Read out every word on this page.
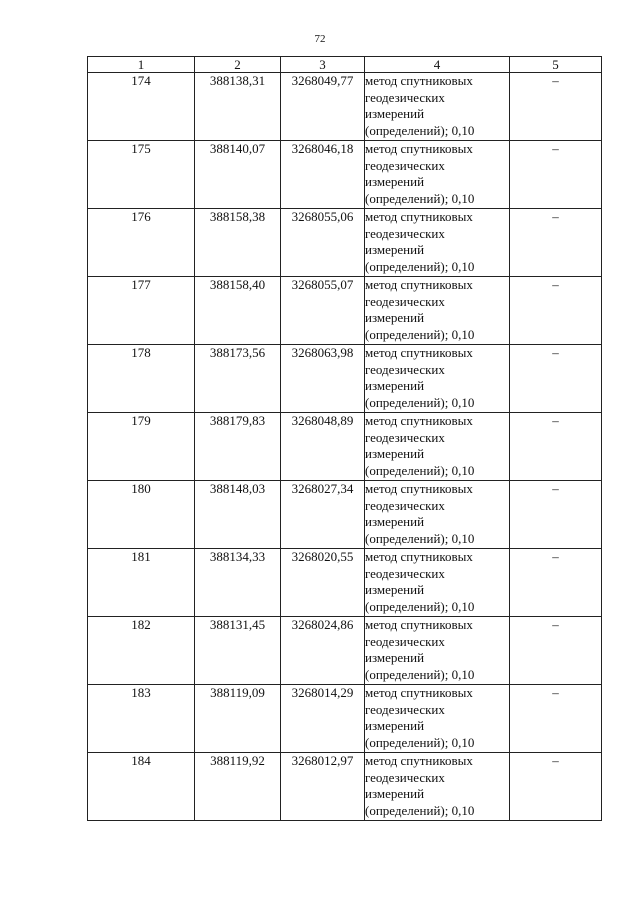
72
1	2	3	4	5
174	388138,31	3268049,77	метод спутниковых
геодезических
измерений
(определений); 0,10	–
175	388140,07	3268046,18	метод спутниковых
геодезических
измерений
(определений); 0,10	–
176	388158,38	3268055,06	метод спутниковых
геодезических
измерений
(определений); 0,10	–
177	388158,40	3268055,07	метод спутниковых
геодезических
измерений
(определений); 0,10	–
178	388173,56	3268063,98	метод спутниковых
геодезических
измерений
(определений); 0,10	–
179	388179,83	3268048,89	метод спутниковых
геодезических
измерений
(определений); 0,10	–
180	388148,03	3268027,34	метод спутниковых
геодезических
измерений
(определений); 0,10	–
181	388134,33	3268020,55	метод спутниковых
геодезических
измерений
(определений); 0,10	–
182	388131,45	3268024,86	метод спутниковых
геодезических
измерений
(определений); 0,10	–
183	388119,09	3268014,29	метод спутниковых
геодезических
измерений
(определений); 0,10	–
184	388119,92	3268012,97	метод спутниковых
геодезических
измерений
(определений); 0,10	–
